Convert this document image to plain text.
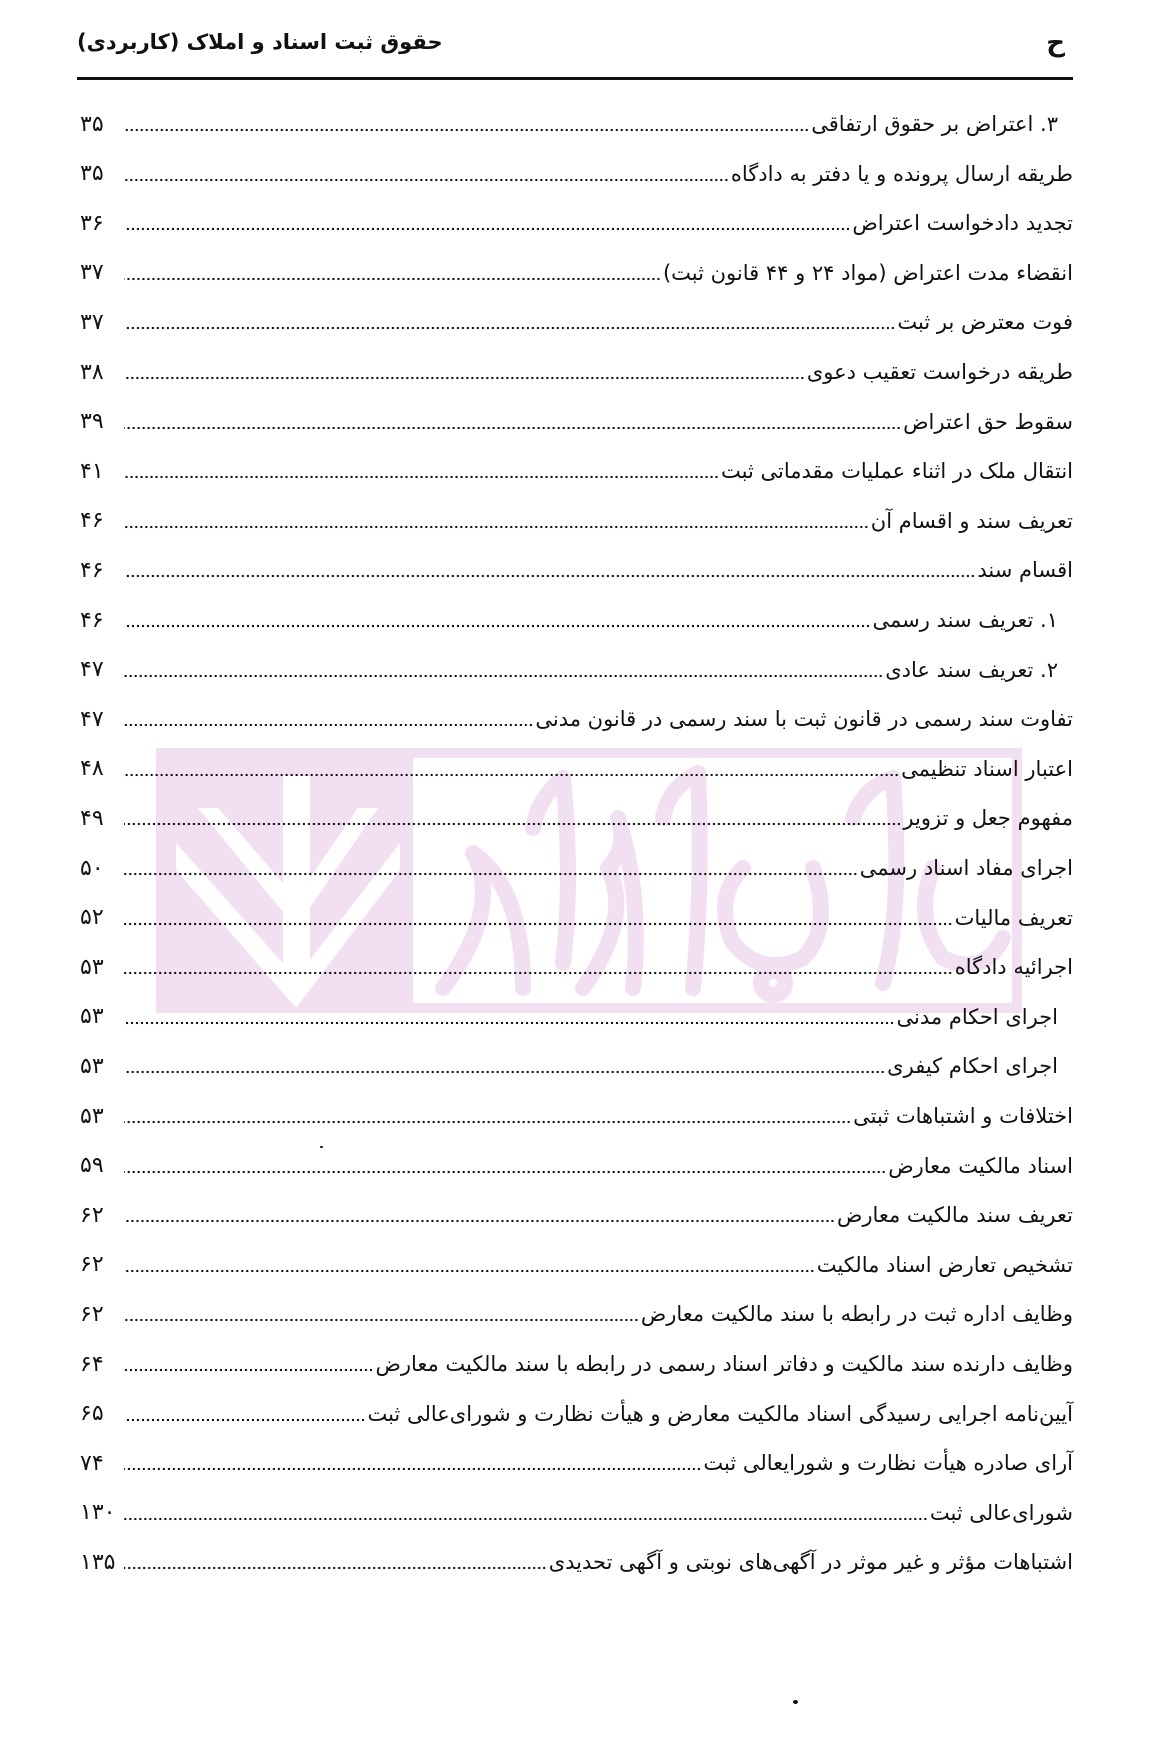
حقوق ثبت اسناد و املاک (کاربردی)	ح
۳. اعتراض بر حقوق ارتفاقی
۳۵
طریقه ارسال پرونده و یا دفتر به دادگاه
۳۵
تجدید دادخواست اعتراض
۳۶
انقضاء مدت اعتراض (مواد ۲۴ و ۴۴ قانون ثبت)
۳۷
فوت معترض بر ثبت
۳۷
طریقه درخواست تعقیب دعوی
۳۸
سقوط حق اعتراض
۳۹
انتقال ملک در اثناء عملیات مقدماتی ثبت
۴۱
تعریف سند و اقسام آن
۴۶
اقسام سند
۴۶
۱. تعریف سند رسمی
۴۶
۲. تعریف سند عادی
۴۷
تفاوت سند رسمی در قانون ثبت با سند رسمی در قانون مدنی
۴۷
اعتبار اسناد تنظیمی
۴۸
مفهوم جعل و تزویر
۴۹
اجرای مفاد اسناد رسمی
۵۰
تعریف مالیات
۵۲
اجرائیه دادگاه
۵۳
اجرای احکام مدنی
۵۳
اجرای احکام کیفری
۵۳
اختلافات و اشتباهات ثبتی
۵۳
اسناد مالکیت معارض
۵۹
تعریف سند مالکیت معارض
۶۲
تشخیص تعارض اسناد مالکیت
۶۲
وظایف اداره ثبت در رابطه با سند مالکیت معارض
۶۲
وظایف دارنده سند مالکیت و دفاتر اسناد رسمی در رابطه با سند مالکیت معارض
۶۴
آیین‌نامه اجرایی رسیدگی اسناد مالکیت معارض و هیأت نظارت و شورای‌عالی ثبت
۶۵
آرای صادره هیأت نظارت و شورایعالی ثبت
۷۴
شورای‌عالی ثبت
۱۳۰
اشتباهات مؤثر و غیر موثر در آگهی‌های نوبتی و آگهی تحدیدی
۱۳۵
